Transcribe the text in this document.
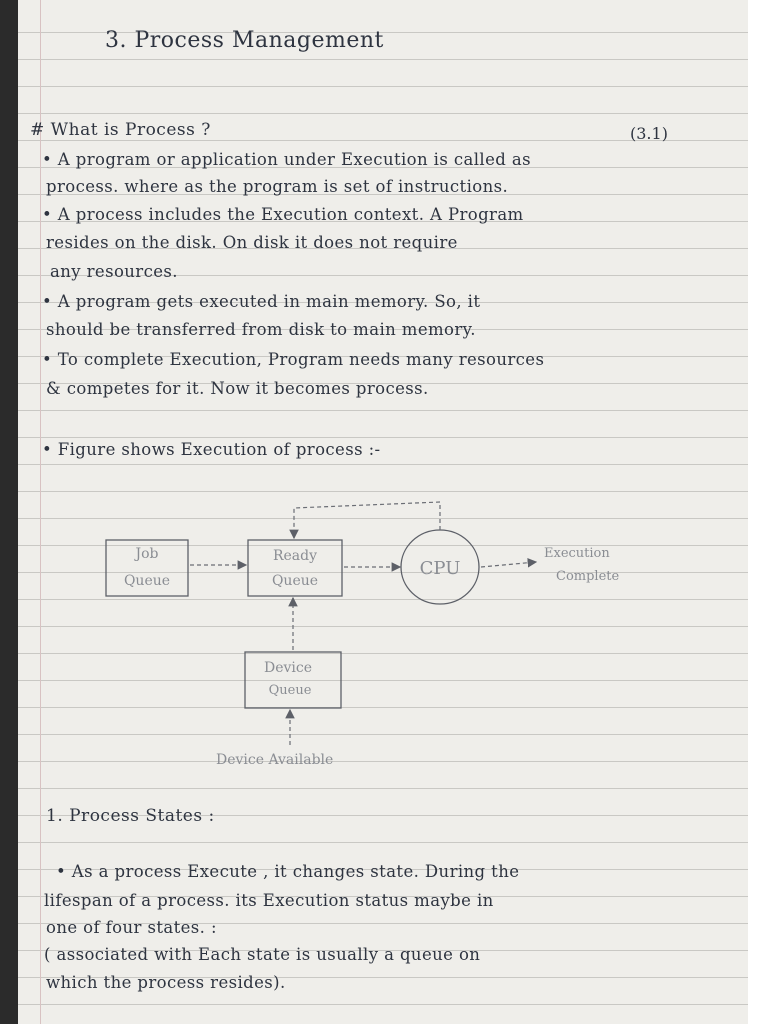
3. Process Management
# What is Process ?	(3.1)
• A program or application under Execution is called as
process. where as the program is set of instructions.
• A process includes the Execution context. A Program
resides on the disk. On disk it does not require
any resources.
• A program gets executed in main memory. So, it
should be transferred from disk to main memory.
• To complete Execution, Program needs many resources
& competes for it. Now it becomes process.
• Figure shows Execution of process :-
Job
Queue
Ready
Queue
CPU
Execution
Complete
Device
Queue
Device Available
1. Process States :
• As a process Execute , it changes state. During the
lifespan of a process. its Execution status maybe in
one of four states. :
( associated with Each state is usually a queue on
which the process resides).
